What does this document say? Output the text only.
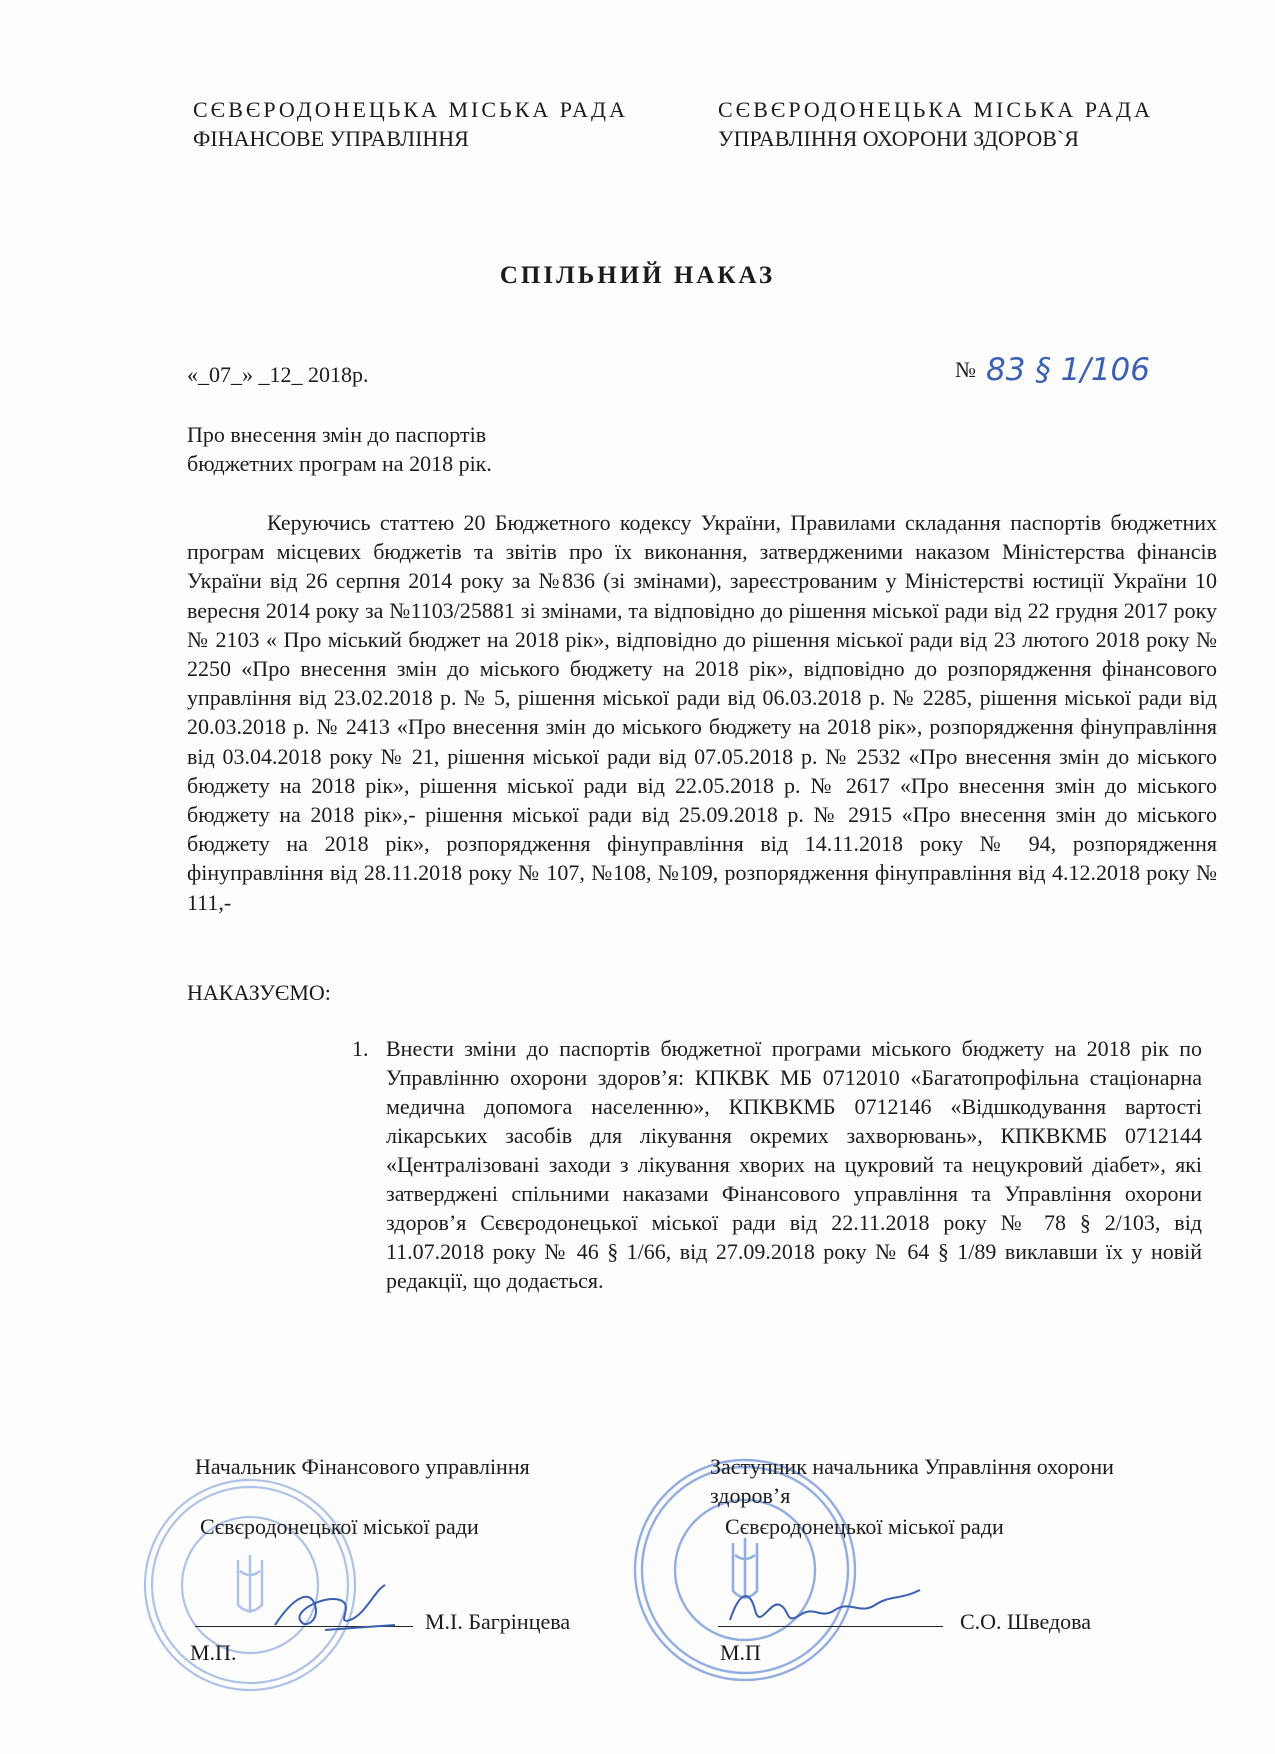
СЄВЄРОДОНЕЦЬКА МІСЬКА РАДА
ФІНАНСОВЕ УПРАВЛІННЯ
СЄВЄРОДОНЕЦЬКА МІСЬКА РАДА
УПРАВЛІННЯ ОХОРОНИ ЗДОРОВ`Я
СПІЛЬНИЙ НАКАЗ
«_07_» _12_ 2018р.	№ 83 § 1/106
Про внесення змін до паспортів
бюджетних програм на 2018 рік.
Керуючись статтею 20 Бюджетного кодексу України, Правилами складання паспортів бюджетних програм місцевих бюджетів та звітів про їх виконання, затвердженими наказом Міністерства фінансів України від 26 серпня 2014 року за №836 (зі змінами), зареєстрованим у Міністерстві юстиції України 10 вересня 2014 року за №1103/25881 зі змінами, та відповідно до рішення міської ради від 22 грудня 2017 року № 2103 « Про міський бюджет на 2018 рік», відповідно до рішення міської ради від 23 лютого 2018 року № 2250 «Про внесення змін до міського бюджету на 2018 рік», відповідно до розпорядження фінансового управління від 23.02.2018 р. № 5, рішення міської ради від 06.03.2018 р. № 2285, рішення міської ради від 20.03.2018 р. № 2413 «Про внесення змін до міського бюджету на 2018 рік», розпорядження фінуправління від 03.04.2018 року № 21, рішення міської ради від 07.05.2018 р. № 2532 «Про внесення змін до міського бюджету на 2018 рік», рішення міської ради від 22.05.2018 р. № 2617 «Про внесення змін до міського бюджету на 2018 рік»,- рішення міської ради від 25.09.2018 р. № 2915 «Про внесення змін до міського бюджету на 2018 рік», розпорядження фінуправління від 14.11.2018 року № 94, розпорядження фінуправління від 28.11.2018 року № 107, №108, №109, розпорядження фінуправління від 4.12.2018 року № 111,-
НАКАЗУЄМО:
1. Внести зміни до паспортів бюджетної програми міського бюджету на 2018 рік по Управлінню охорони здоров’я: КПКВК МБ 0712010 «Багатопрофільна стаціонарна медична допомога населенню», КПКВКМБ 0712146 «Відшкодування вартості лікарських засобів для лікування окремих захворювань», КПКВКМБ 0712144 «Централізовані заходи з лікування хворих на цукровий та нецукровий діабет», які затверджені спільними наказами Фінансового управління та Управління охорони здоров’я Сєвєродонецької міської ради від 22.11.2018 року № 78 § 2/103, від 11.07.2018 року № 46 § 1/66, від 27.09.2018 року № 64 § 1/89 виклавши їх у новій редакції, що додається.
Начальник Фінансового управління
Сєвєродонецької міської ради
М.І. Багрінцева
М.П.
Заступник начальника Управління охорони здоров’я
Сєвєродонецької міської ради
С.О. Шведова
М.П
